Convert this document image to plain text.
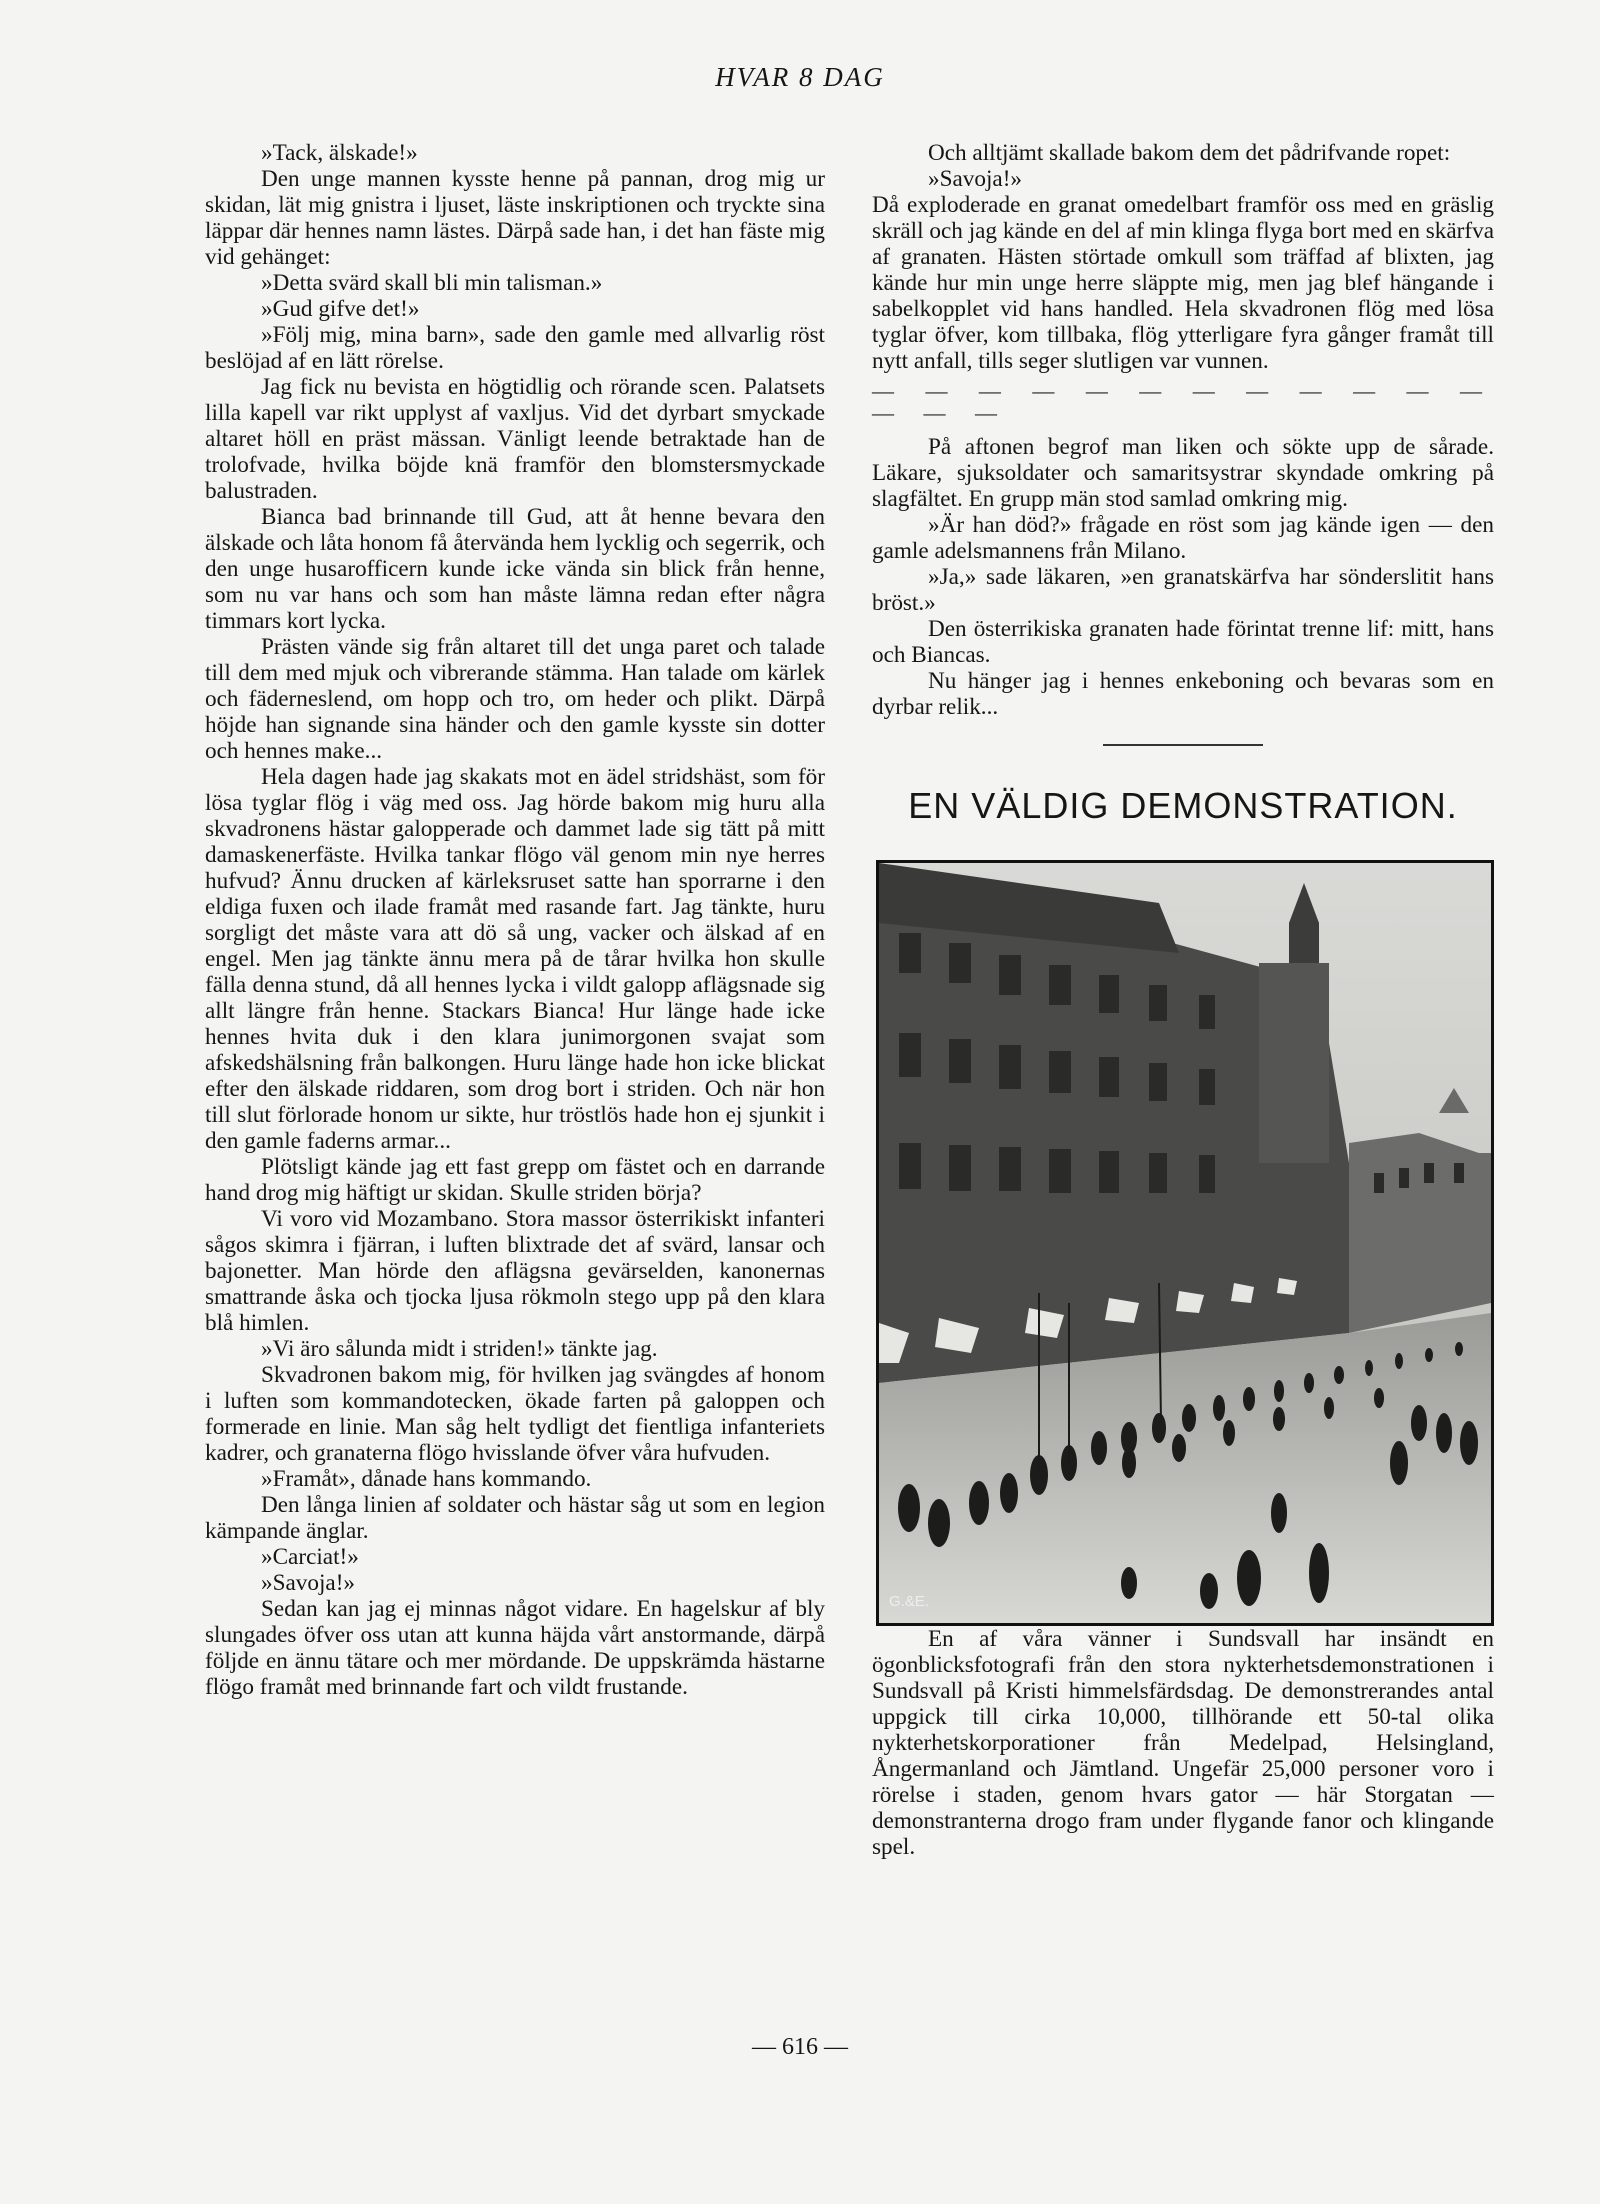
HVAR 8 DAG

»Tack, älskade!»

Den unge mannen kysste henne på pannan, drog mig ur skidan, lät mig gnistra i ljuset, läste inskriptionen och tryckte sina läppar där hennes namn lästes. Därpå sade han, i det han fäste mig vid gehänget:

»Detta svärd skall bli min talisman.»

»Gud gifve det!»

»Följ mig, mina barn», sade den gamle med allvarlig röst beslöjad af en lätt rörelse.

Jag fick nu bevista en högtidlig och rörande scen. Palatsets lilla kapell var rikt upplyst af vaxljus. Vid det dyrbart smyckade altaret höll en präst mässan. Vänligt leende betraktade han de trolofvade, hvilka böjde knä framför den blomstersmyckade balustraden.

Bianca bad brinnande till Gud, att åt henne bevara den älskade och låta honom få återvända hem lycklig och segerrik, och den unge husarofficern kunde icke vända sin blick från henne, som nu var hans och som han måste lämna redan efter några timmars kort lycka.

Prästen vände sig från altaret till det unga paret och talade till dem med mjuk och vibrerande stämma. Han talade om kärlek och fäderneslend, om hopp och tro, om heder och plikt. Därpå höjde han signande sina händer och den gamle kysste sin dotter och hennes make...

Hela dagen hade jag skakats mot en ädel stridshäst, som för lösa tyglar flög i väg med oss. Jag hörde bakom mig huru alla skvadronens hästar galopperade och dammet lade sig tätt på mitt damaskenerfäste. Hvilka tankar flögo väl genom min nye herres hufvud? Ännu drucken af kärleksruset satte han sporrarne i den eldiga fuxen och ilade framåt med rasande fart. Jag tänkte, huru sorgligt det måste vara att dö så ung, vacker och älskad af en engel. Men jag tänkte ännu mera på de tårar hvilka hon skulle fälla denna stund, då all hennes lycka i vildt galopp aflägsnade sig allt längre från henne. Stackars Bianca! Hur länge hade icke hennes hvita duk i den klara junimorgonen svajat som afskedshälsning från balkongen. Huru länge hade hon icke blickat efter den älskade riddaren, som drog bort i striden. Och när hon till slut förlorade honom ur sikte, hur tröstlös hade hon ej sjunkit i den gamle faderns armar...

Plötsligt kände jag ett fast grepp om fästet och en darrande hand drog mig häftigt ur skidan. Skulle striden börja?

Vi voro vid Mozambano. Stora massor österrikiskt infanteri sågos skimra i fjärran, i luften blixtrade det af svärd, lansar och bajonetter. Man hörde den aflägsna gevärselden, kanonernas smattrande åska och tjocka ljusa rökmoln stego upp på den klara blå himlen.

»Vi äro sålunda midt i striden!» tänkte jag.

Skvadronen bakom mig, för hvilken jag svängdes af honom i luften som kommandotecken, ökade farten på galoppen och formerade en linie. Man såg helt tydligt det fientliga infanteriets kadrer, och granaterna flögo hvisslande öfver våra hufvuden.

»Framåt», dånade hans kommando.

Den långa linien af soldater och hästar såg ut som en legion kämpande änglar.

»Carciat!»

»Savoja!»

Sedan kan jag ej minnas något vidare. En hagelskur af bly slungades öfver oss utan att kunna häjda vårt anstormande, därpå följde en ännu tätare och mer mördande. De uppskrämda hästarne flögo framåt med brinnande fart och vildt frustande.

Och alltjämt skallade bakom dem det pådrifvande ropet:

»Savoja!»

Då exploderade en granat omedelbart framför oss med en gräslig skräll och jag kände en del af min klinga flyga bort med en skärfva af granaten. Hästen störtade omkull som träffad af blixten, jag kände hur min unge herre släppte mig, men jag blef hängande i sabelkopplet vid hans handled. Hela skvadronen flög med lösa tyglar öfver, kom tillbaka, flög ytterligare fyra gånger framåt till nytt anfall, tills seger slutligen var vunnen.

— — — — — — — — — — — — — — —

På aftonen begrof man liken och sökte upp de sårade. Läkare, sjuksoldater och samaritsystrar skyndade omkring på slagfältet. En grupp män stod samlad omkring mig.

»Är han död?» frågade en röst som jag kände igen — den gamle adelsmannens från Milano.

»Ja,» sade läkaren, »en granatskärfva har sönderslitit hans bröst.»

Den österrikiska granaten hade förintat trenne lif: mitt, hans och Biancas.

Nu hänger jag i hennes enkeboning och bevaras som en dyrbar relik...

EN VÄLDIG DEMONSTRATION.
G.&E.

En af våra vänner i Sundsvall har insändt en ögonblicksfotografi från den stora nykterhetsdemonstrationen i Sundsvall på Kristi himmelsfärdsdag. De demonstrerandes antal uppgick till cirka 10,000, tillhörande ett 50-tal olika nykterhetskorporationer från Medelpad, Helsingland, Ångermanland och Jämtland. Ungefär 25,000 personer voro i rörelse i staden, genom hvars gator — här Storgatan — demonstranterna drogo fram under flygande fanor och klingande spel.

— 616 —
